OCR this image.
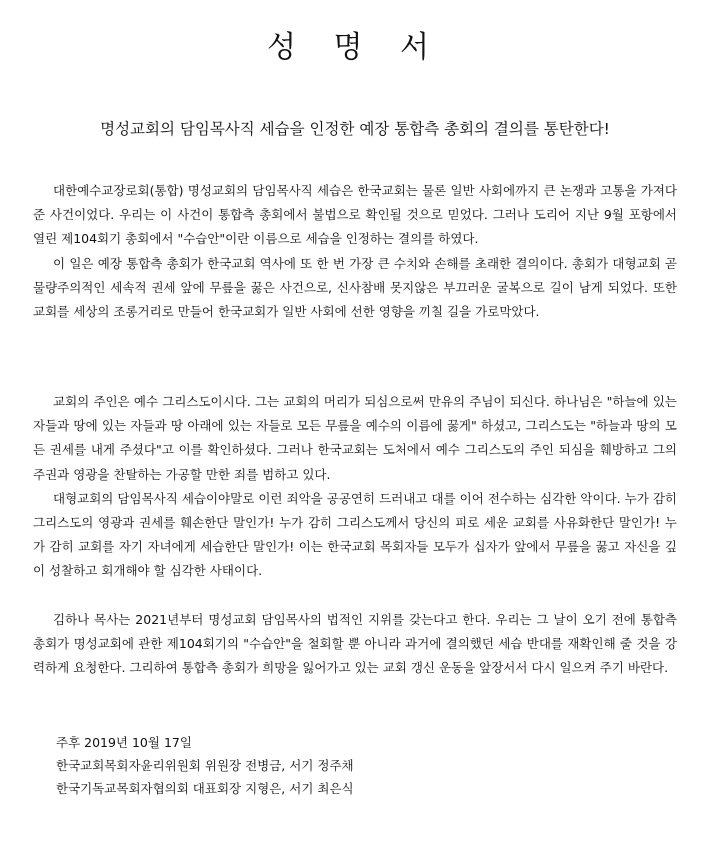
성 명 서
명성교회의 담임목사직 세습을 인정한 예장 통합측 총회의 결의를 통탄한다!

대한예수교장로회(통합) 명성교회의 담임목사직 세습은 한국교회는 물론 일반 사회에까지 큰 논쟁과 고통을 가져다준 사건이었다. 우리는 이 사건이 통합측 총회에서 불법으로 확인될 것으로 믿었다. 그러나 도리어 지난 9월 포항에서 열린 제104회기 총회에서 "수습안"이란 이름으로 세습을 인정하는 결의를 하였다.

이 일은 예장 통합측 총회가 한국교회 역사에 또 한 번 가장 큰 수치와 손해를 초래한 결의이다. 총회가 대형교회 곧 물량주의적인 세속적 권세 앞에 무릎을 꿇은 사건으로, 신사참배 못지않은 부끄러운 굴복으로 길이 남게 되었다. 또한 교회를 세상의 조롱거리로 만들어 한국교회가 일반 사회에 선한 영향을 끼칠 길을 가로막았다.

교회의 주인은 예수 그리스도이시다. 그는 교회의 머리가 되심으로써 만유의 주님이 되신다. 하나님은 "하늘에 있는 자들과 땅에 있는 자들과 땅 아래에 있는 자들로 모든 무릎을 예수의 이름에 꿇게" 하셨고, 그리스도는 "하늘과 땅의 모든 권세를 내게 주셨다"고 이를 확인하셨다. 그러나 한국교회는 도처에서 예수 그리스도의 주인 되심을 훼방하고 그의 주권과 영광을 찬탈하는 가공할 만한 죄를 범하고 있다.

대형교회의 담임목사직 세습이야말로 이런 죄악을 공공연히 드러내고 대를 이어 전수하는 심각한 악이다. 누가 감히 그리스도의 영광과 권세를 훼손한단 말인가! 누가 감히 그리스도께서 당신의 피로 세운 교회를 사유화한단 말인가! 누가 감히 교회를 자기 자녀에게 세습한단 말인가! 이는 한국교회 목회자들 모두가 십자가 앞에서 무릎을 꿇고 자신을 깊이 성찰하고 회개해야 할 심각한 사태이다.

김하나 목사는 2021년부터 명성교회 담임목사의 법적인 지위를 갖는다고 한다. 우리는 그 날이 오기 전에 통합측 총회가 명성교회에 관한 제104회기의 "수습안"을 철회할 뿐 아니라 과거에 결의했던 세습 반대를 재확인해 줄 것을 강력하게 요청한다. 그리하여 통합측 총회가 희망을 잃어가고 있는 교회 갱신 운동을 앞장서서 다시 일으켜 주기 바란다.

주후 2019년 10월 17일

한국교회목회자윤리위원회 위원장 전병금, 서기 정주채

한국기독교목회자협의회 대표회장 지형은, 서기 최은식
